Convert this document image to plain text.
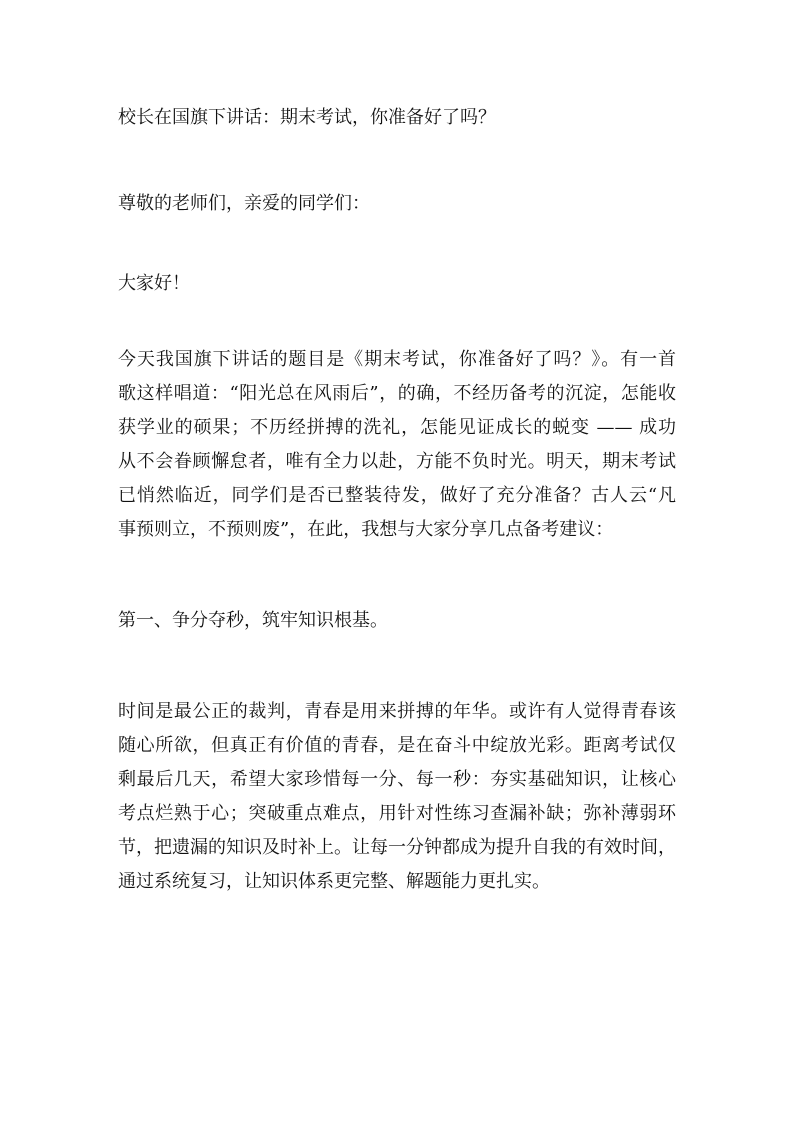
校长在国旗下讲话：期末考试，你准备好了吗？
尊敬的老师们，亲爱的同学们：
大家好！
今天我国旗下讲话的题目是《期末考试，你准备好了吗？》。有一首
歌这样唱道：“阳光总在风雨后”，的确，不经历备考的沉淀，怎能收
获学业的硕果；不历经拼搏的洗礼，怎能见证成长的蜕变 —— 成功
从不会眷顾懈怠者，唯有全力以赴，方能不负时光。明天，期末考试
已悄然临近，同学们是否已整装待发，做好了充分准备？古人云“凡
事预则立，不预则废”，在此，我想与大家分享几点备考建议：
第一、争分夺秒，筑牢知识根基。
时间是最公正的裁判，青春是用来拼搏的年华。或许有人觉得青春该
随心所欲，但真正有价值的青春，是在奋斗中绽放光彩。距离考试仅
剩最后几天，希望大家珍惜每一分、每一秒：夯实基础知识，让核心
考点烂熟于心；突破重点难点，用针对性练习查漏补缺；弥补薄弱环
节，把遗漏的知识及时补上。让每一分钟都成为提升自我的有效时间，
通过系统复习，让知识体系更完整、解题能力更扎实。
